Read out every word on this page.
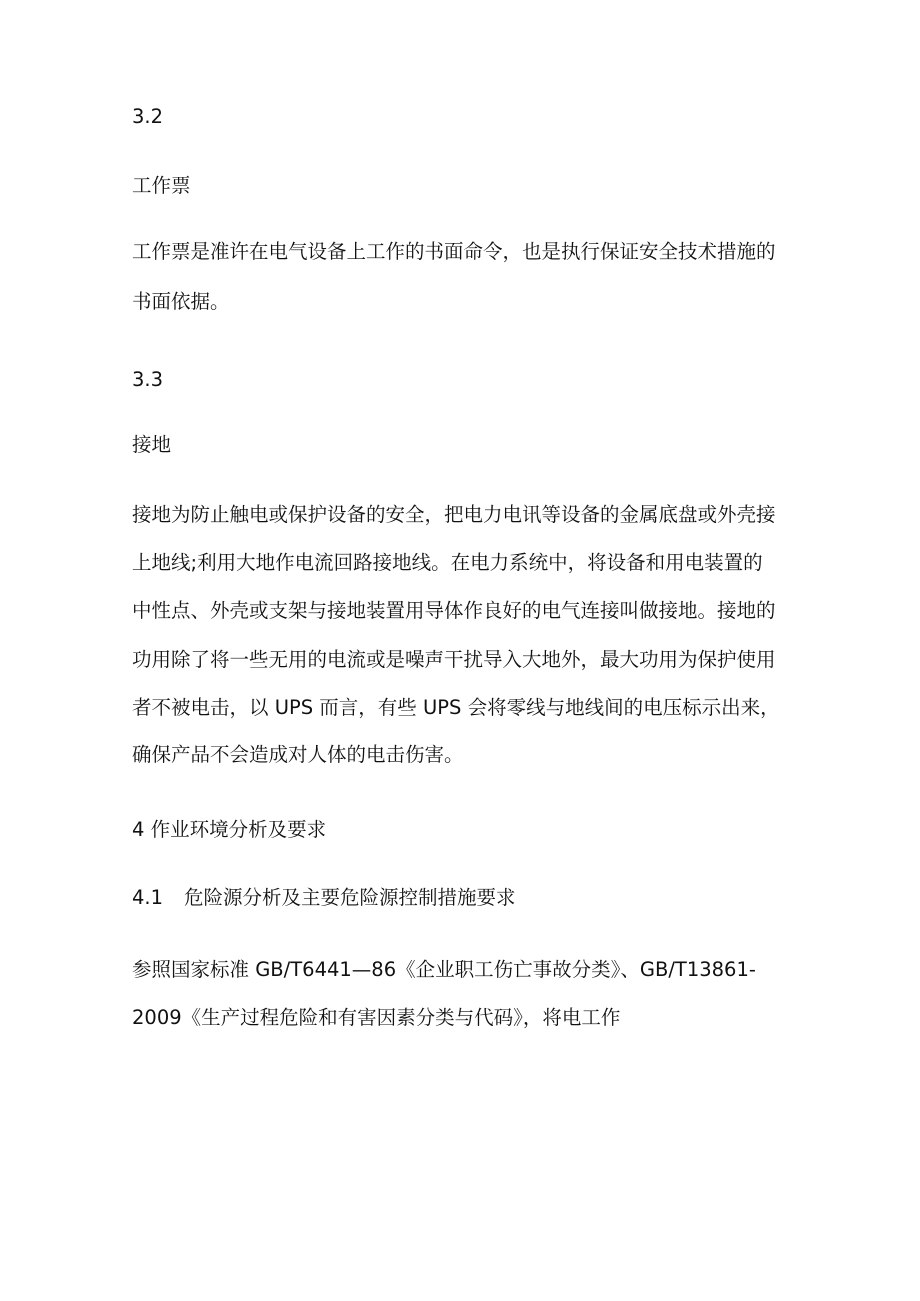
3.2

工作票

工作票是准许在电气设备上工作的书面命令，也是执行保证安全技术措施的

书面依据。

3.3

接地

接地为防止触电或保护设备的安全，把电力电讯等设备的金属底盘或外壳接

上地线;利用大地作电流回路接地线。在电力系统中，将设备和用电装置的

中性点、外壳或支架与接地装置用导体作良好的电气连接叫做接地。接地的

功用除了将一些无用的电流或是噪声干扰导入大地外，最大功用为保护使用

者不被电击，以 UPS 而言，有些 UPS 会将零线与地线间的电压标示出来，

确保产品不会造成对人体的电击伤害。

4 作业环境分析及要求

4.1 危险源分析及主要危险源控制措施要求

参照国家标准 GB/T6441—86《企业职工伤亡事故分类》、GB/T13861-

2009《生产过程危险和有害因素分类与代码》，将电工作
